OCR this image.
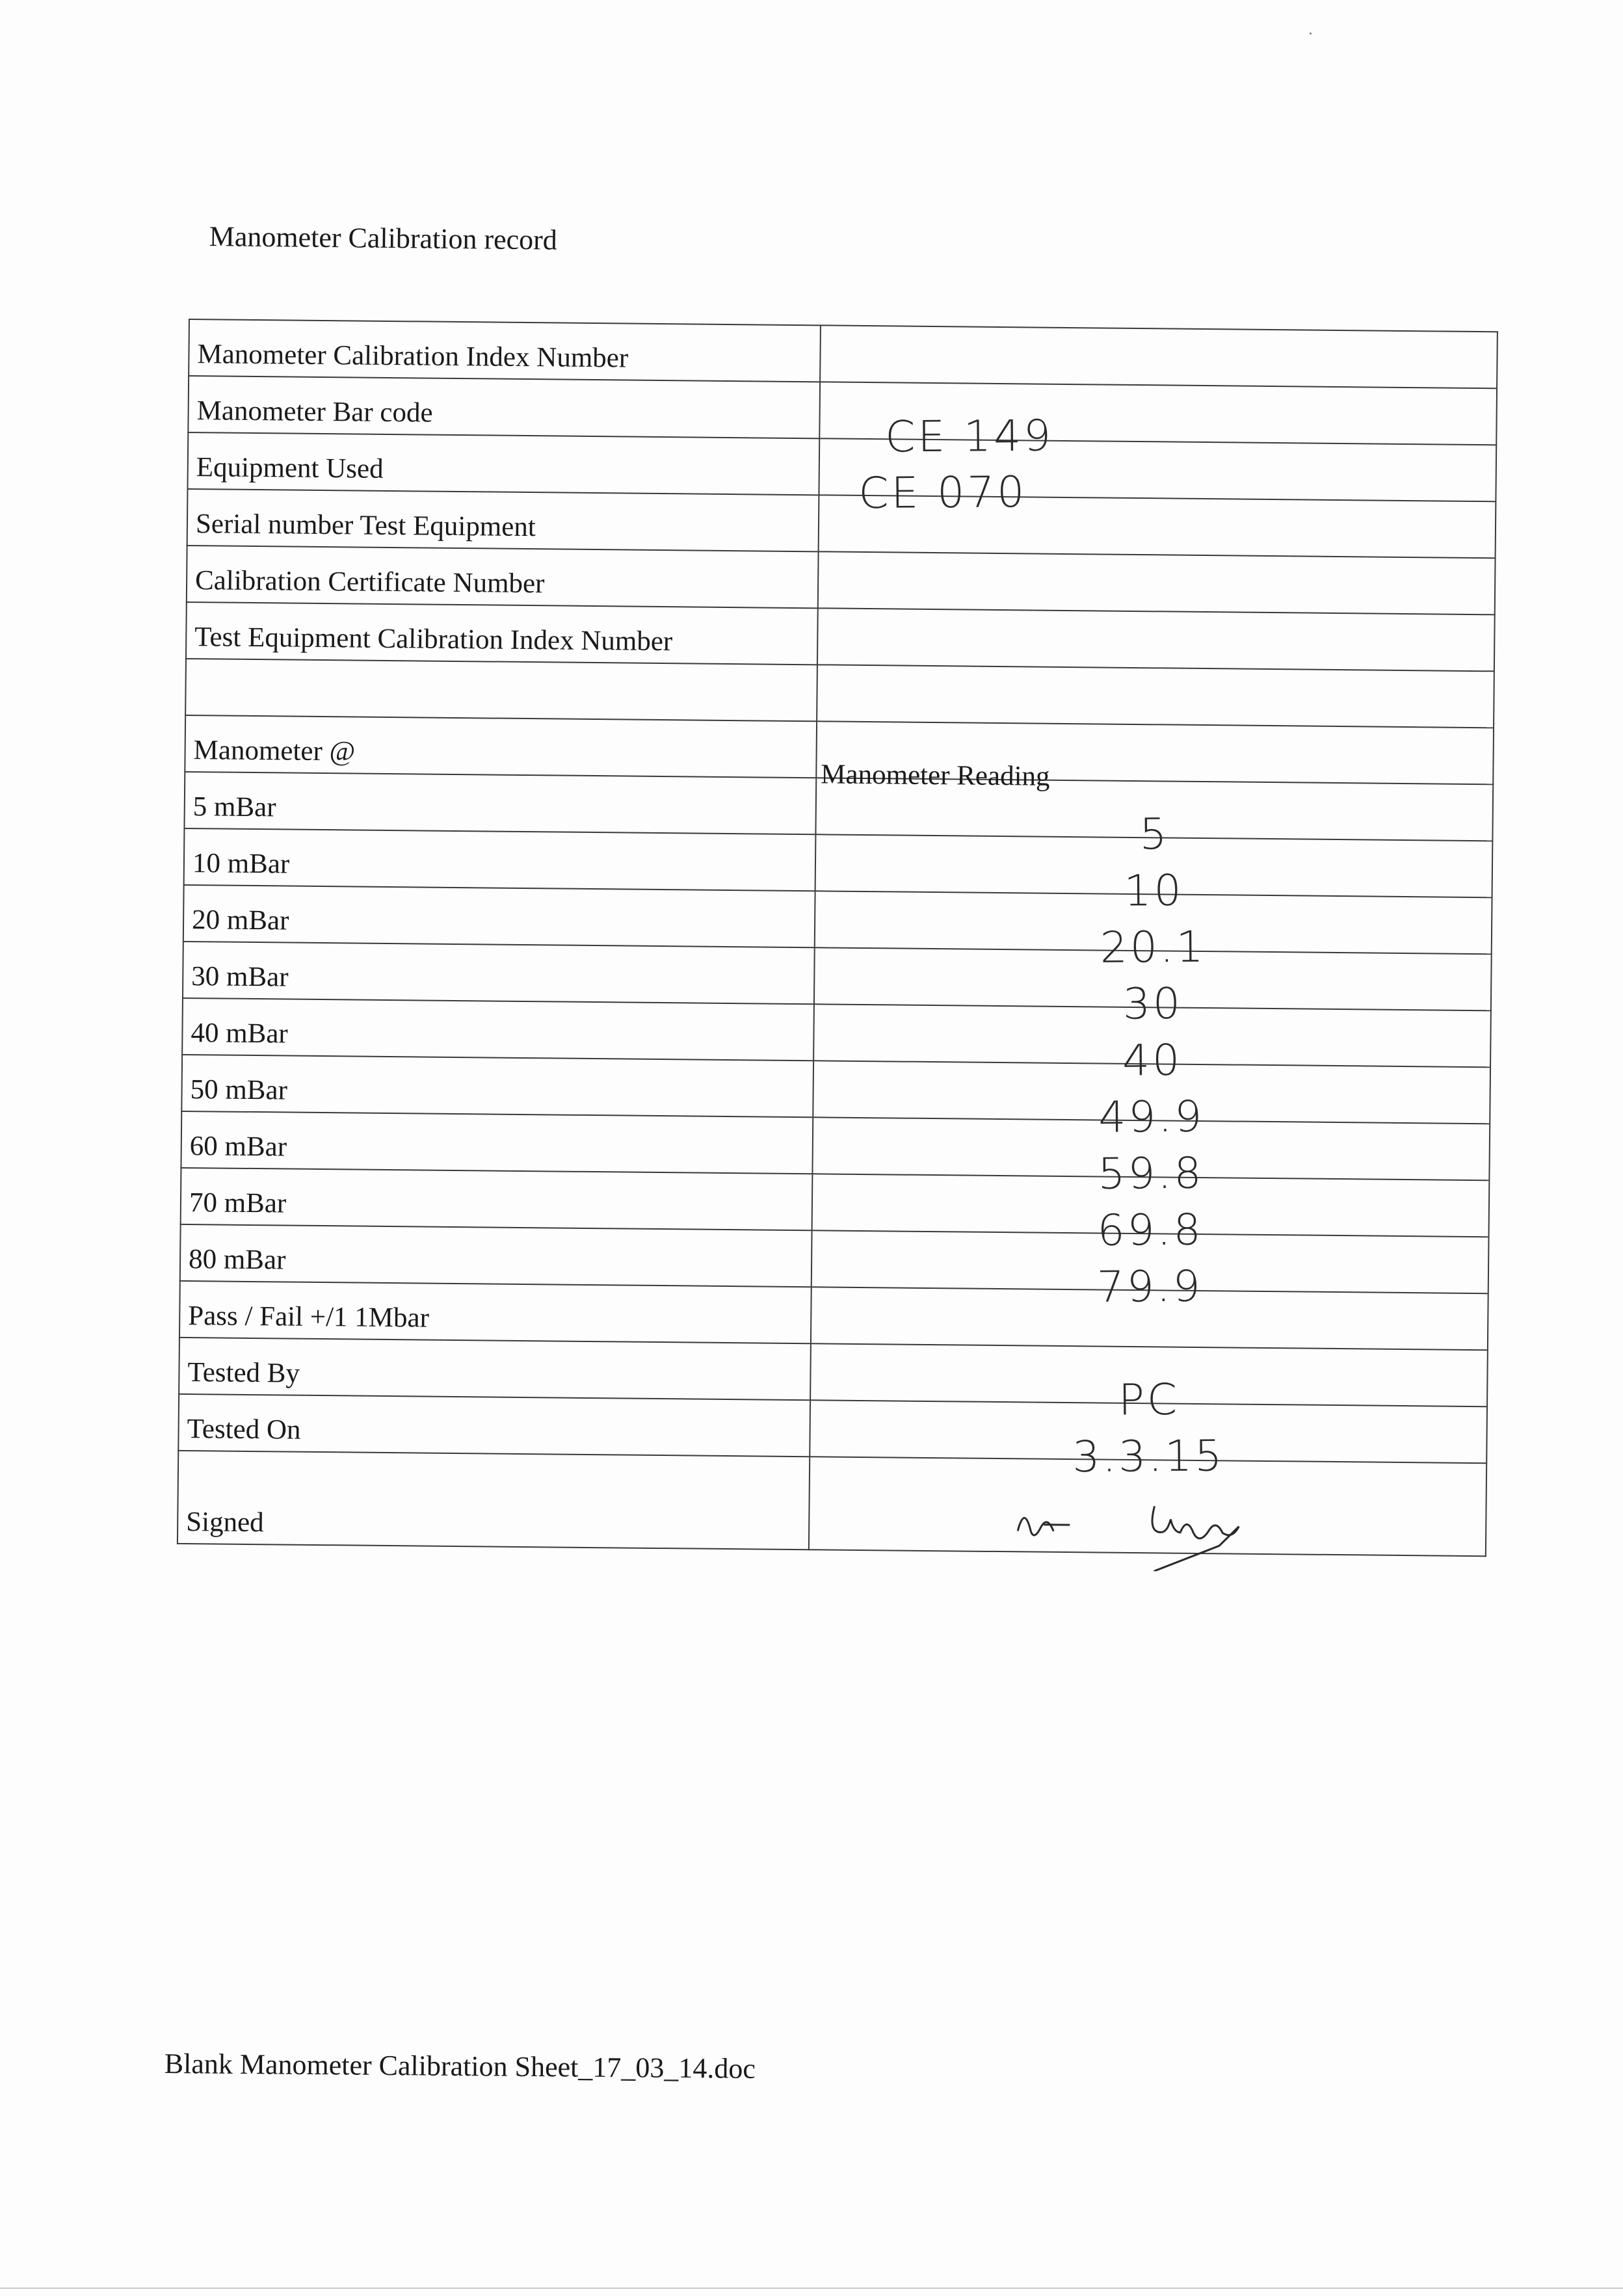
Manometer Calibration record
Manometer Calibration Index Number	
Manometer Bar code	CE 149
Equipment Used	CE 070
Serial number Test Equipment	
Calibration Certificate Number	
Test Equipment Calibration Index Number	

Manometer @	Manometer Reading
5 mBar	5
10 mBar	10
20 mBar	20.1
30 mBar	30
40 mBar	40
50 mBar	49.9
60 mBar	59.8
70 mBar	69.8
80 mBar	79.9
Pass / Fail +/1 1Mbar	
Tested By	PC
Tested On	3.3.15
Signed	
Blank Manometer Calibration Sheet_17_03_14.doc
